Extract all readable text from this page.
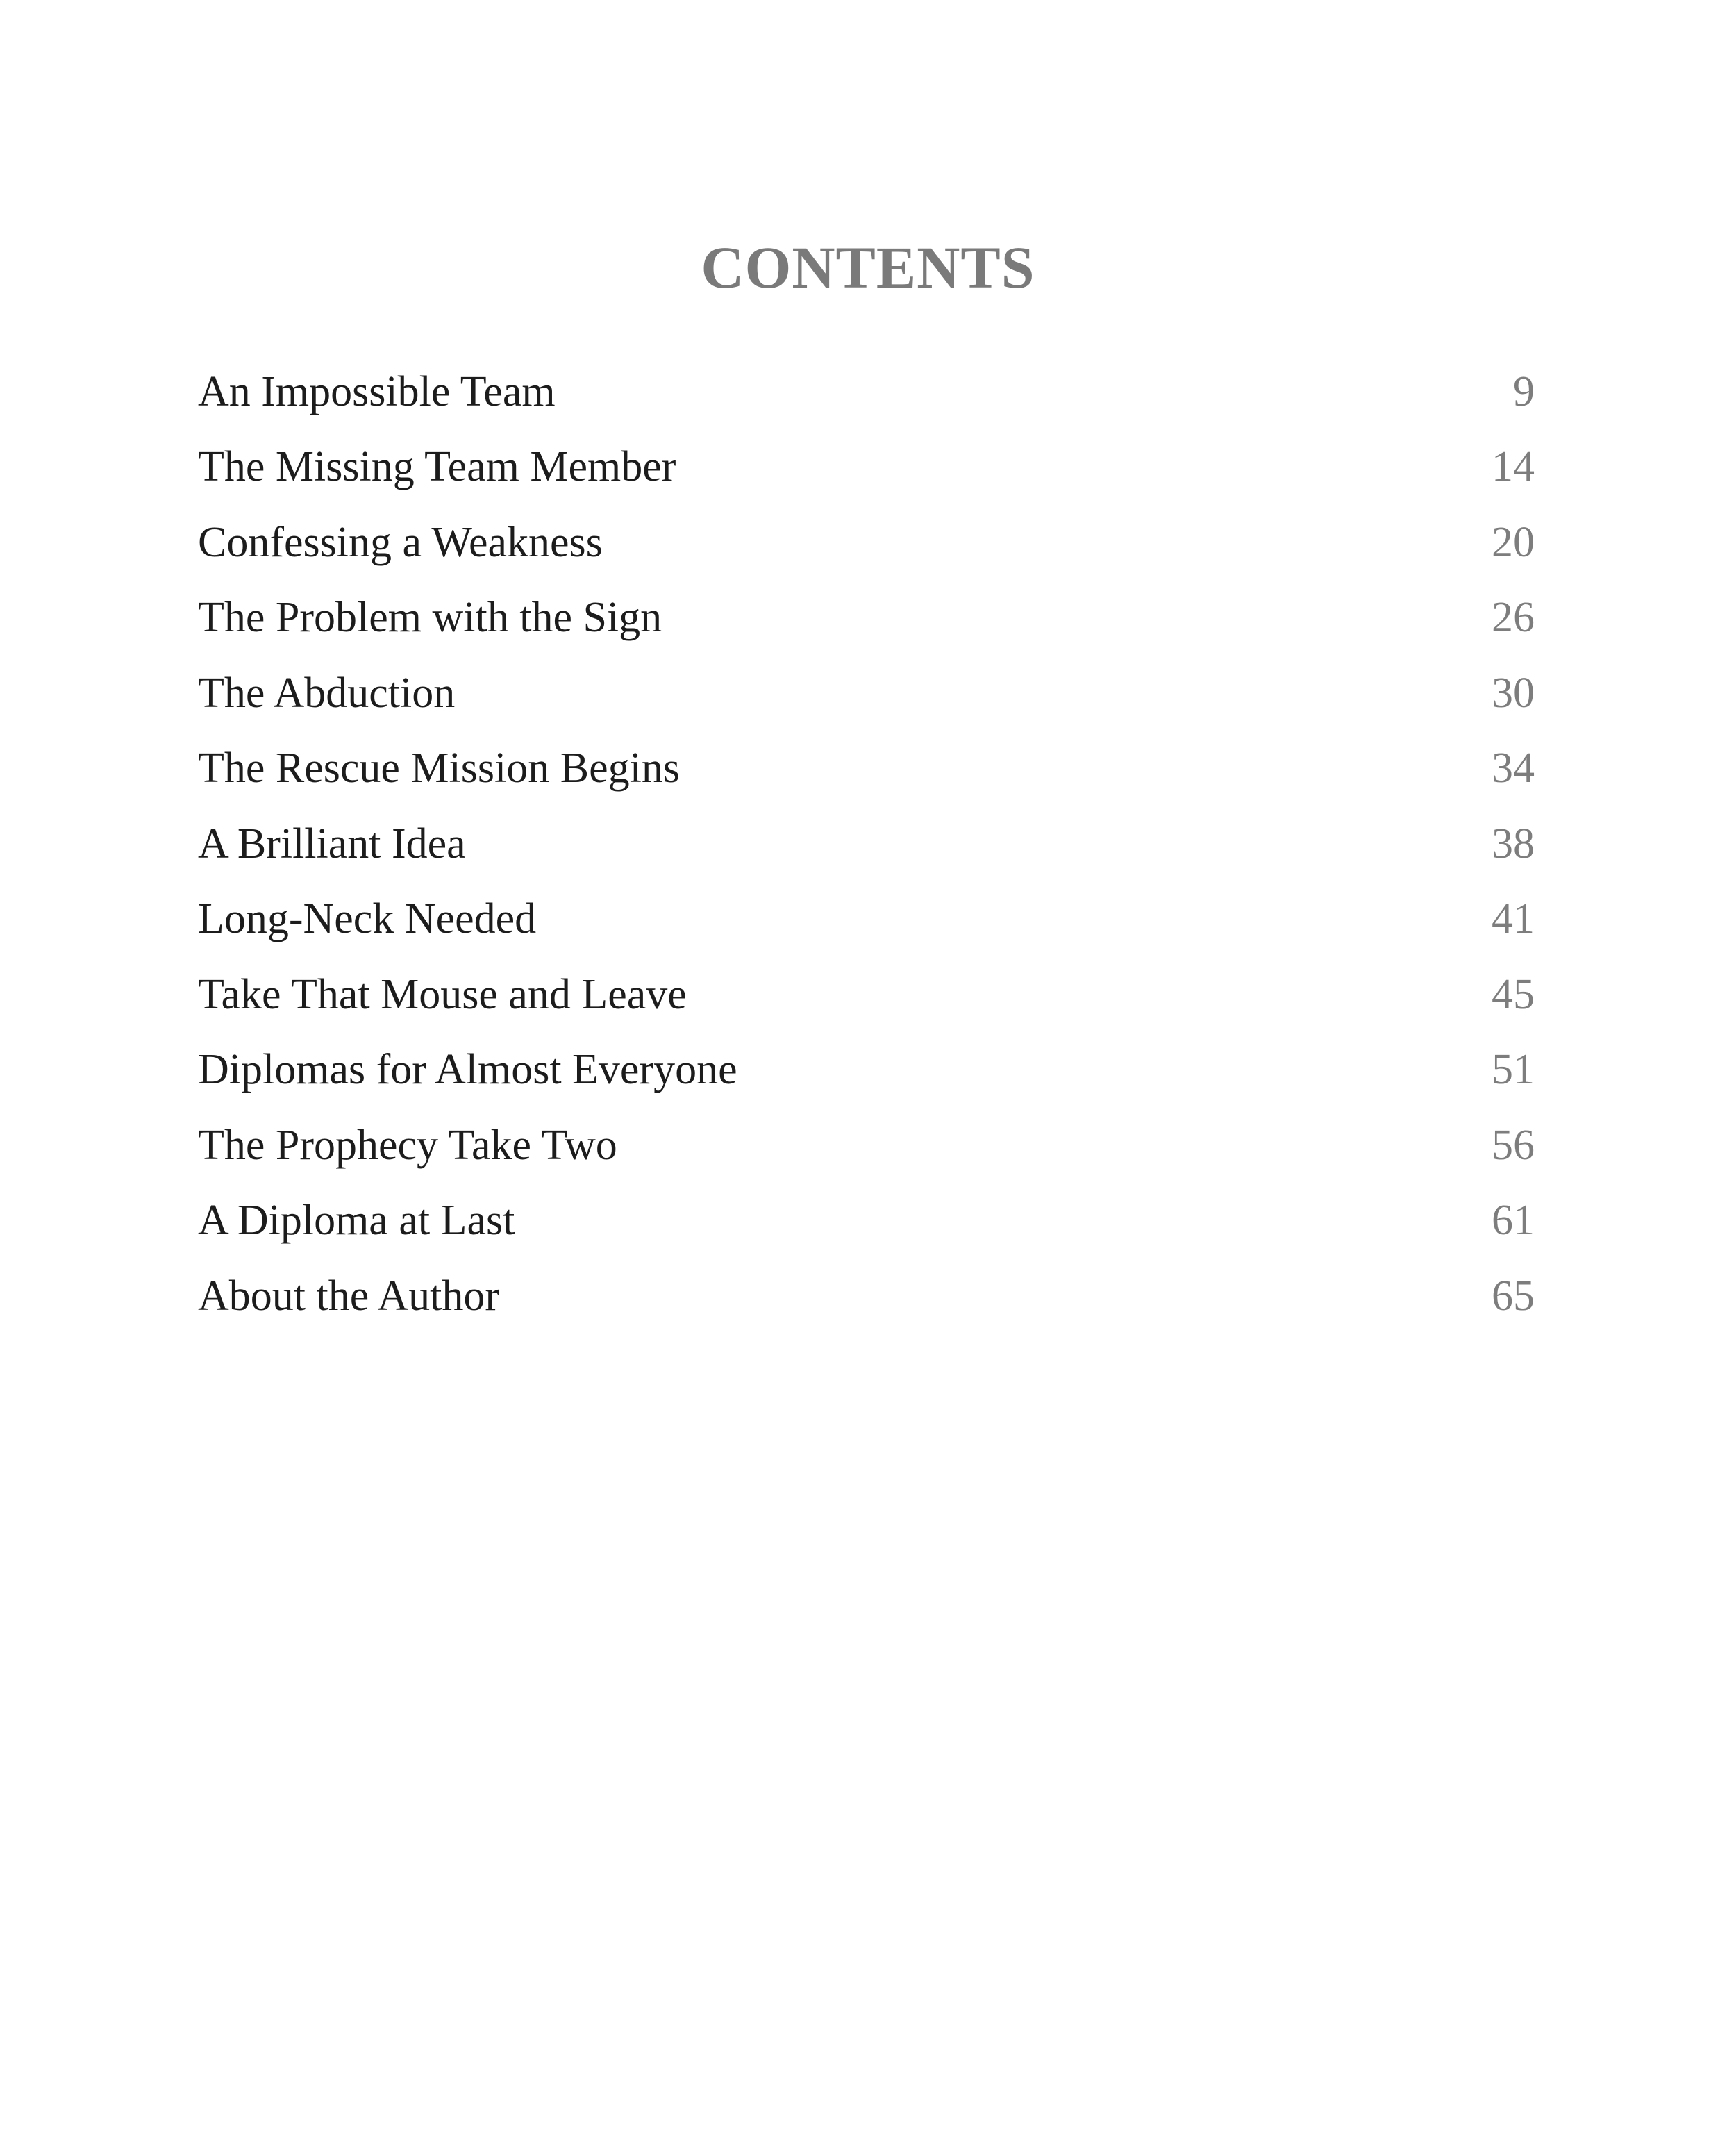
CONTENTS
An Impossible Team	9
The Missing Team Member	14
Confessing a Weakness	20
The Problem with the Sign	26
The Abduction	30
The Rescue Mission Begins	34
A Brilliant Idea	38
Long-Neck Needed	41
Take That Mouse and Leave	45
Diplomas for Almost Everyone	51
The Prophecy Take Two	56
A Diploma at Last	61
About the Author	65
